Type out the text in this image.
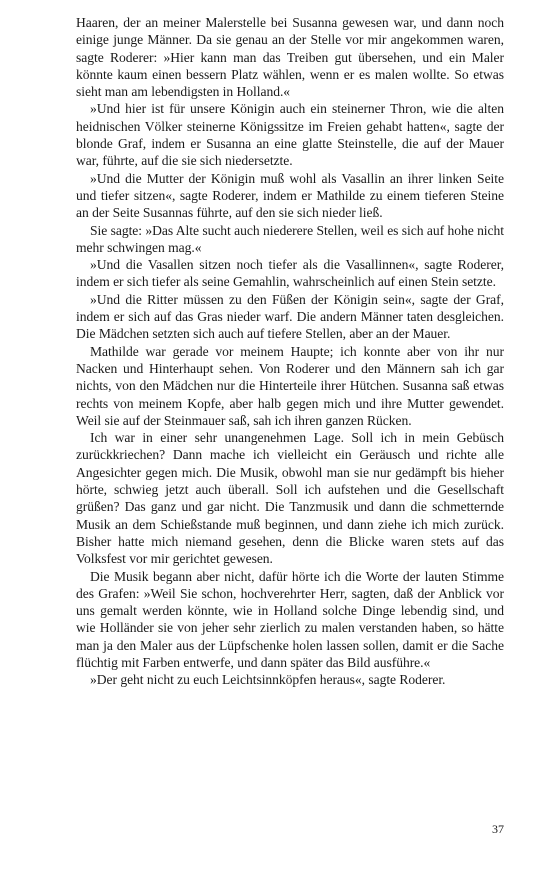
Haaren, der an meiner Malerstelle bei Susanna gewesen war, und dann noch einige junge Männer. Da sie genau an der Stelle vor mir angekommen waren, sagte Roderer: »Hier kann man das Treiben gut übersehen, und ein Maler könnte kaum einen bessern Platz wählen, wenn er es malen wollte. So etwas sieht man am lebendigsten in Holland.«

»Und hier ist für unsere Königin auch ein steinerner Thron, wie die alten heidnischen Völker steinerne Königssitze im Freien gehabt hatten«, sagte der blonde Graf, indem er Susanna an eine glatte Steinstelle, die auf der Mauer war, führte, auf die sie sich niedersetzte.

»Und die Mutter der Königin muß wohl als Vasallin an ihrer linken Seite und tiefer sitzen«, sagte Roderer, indem er Mathilde zu einem tieferen Steine an der Seite Susannas führte, auf den sie sich nieder ließ.

Sie sagte: »Das Alte sucht auch niederere Stellen, weil es sich auf hohe nicht mehr schwingen mag.«

»Und die Vasallen sitzen noch tiefer als die Vasallinnen«, sagte Roderer, indem er sich tiefer als seine Gemahlin, wahrscheinlich auf einen Stein setzte.

»Und die Ritter müssen zu den Füßen der Königin sein«, sagte der Graf, indem er sich auf das Gras nieder warf. Die andern Männer taten desgleichen. Die Mädchen setzten sich auch auf tiefere Stellen, aber an der Mauer.

Mathilde war gerade vor meinem Haupte; ich konnte aber von ihr nur Nacken und Hinterhaupt sehen. Von Roderer und den Männern sah ich gar nichts, von den Mädchen nur die Hinterteile ihrer Hütchen. Susanna saß etwas rechts von meinem Kopfe, aber halb gegen mich und ihre Mutter gewendet. Weil sie auf der Steinmauer saß, sah ich ihren ganzen Rücken.

Ich war in einer sehr unangenehmen Lage. Soll ich in mein Gebüsch zurückkriechen? Dann mache ich vielleicht ein Geräusch und richte alle Angesichter gegen mich. Die Musik, obwohl man sie nur gedämpft bis hieher hörte, schwieg jetzt auch überall. Soll ich aufstehen und die Gesellschaft grüßen? Das ganz und gar nicht. Die Tanzmusik und dann die schmetternde Musik an dem Schießstande muß beginnen, und dann ziehe ich mich zurück. Bisher hatte mich niemand gesehen, denn die Blicke waren stets auf das Volksfest vor mir gerichtet gewesen.

Die Musik begann aber nicht, dafür hörte ich die Worte der lauten Stimme des Grafen: »Weil Sie schon, hochverehrter Herr, sagten, daß der Anblick vor uns gemalt werden könnte, wie in Holland solche Dinge lebendig sind, und wie Holländer sie von jeher sehr zierlich zu malen verstanden haben, so hätte man ja den Maler aus der Lüpfschenke holen lassen sollen, damit er die Sache flüchtig mit Farben entwerfe, und dann später das Bild ausführe.«

»Der geht nicht zu euch Leichtsinnköpfen heraus«, sagte Roderer.

37
